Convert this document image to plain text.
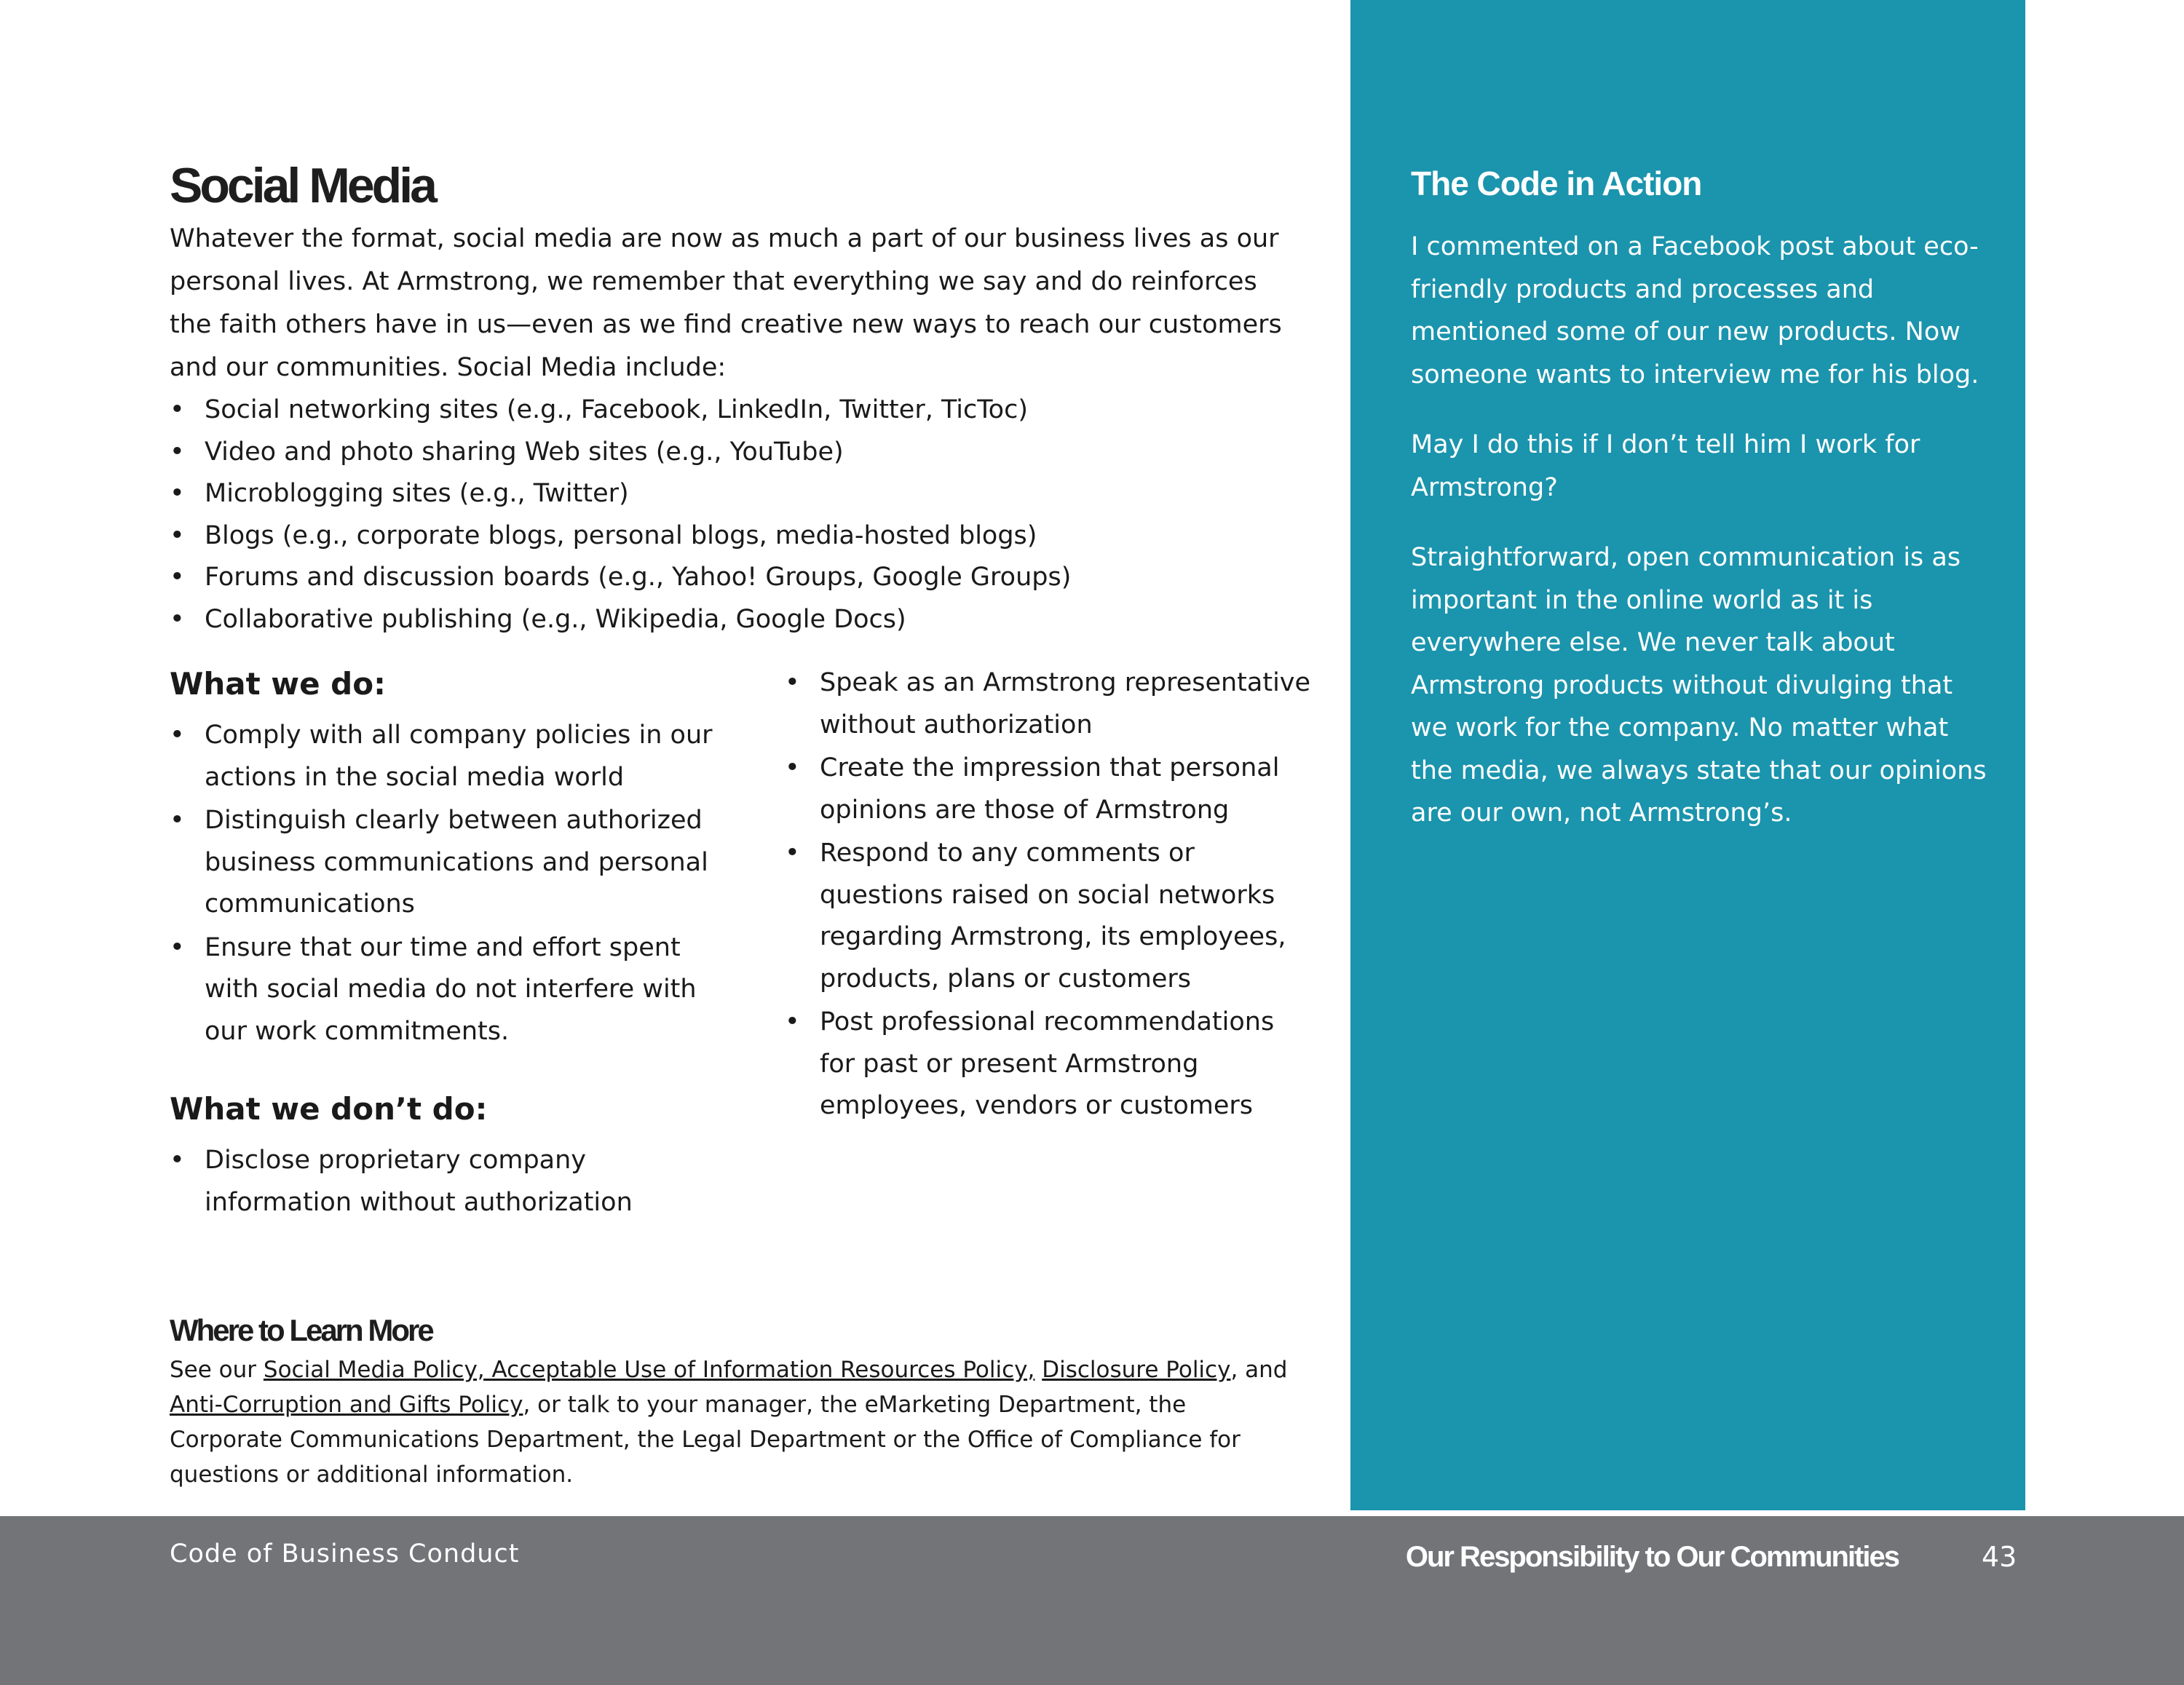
Social Media

Whatever the format, social media are now as much a part of our business lives as our personal lives. At Armstrong, we remember that everything we say and do reinforces the faith others have in us—even as we find creative new ways to reach our customers and our communities. Social Media include:

• Social networking sites (e.g., Facebook, LinkedIn, Twitter, TicToc)
• Video and photo sharing Web sites (e.g., YouTube)
• Microblogging sites (e.g., Twitter)
• Blogs (e.g., corporate blogs, personal blogs, media-hosted blogs)
• Forums and discussion boards (e.g., Yahoo! Groups, Google Groups)
• Collaborative publishing (e.g., Wikipedia, Google Docs)
What we do:
• Comply with all company policies in our actions in the social media world
• Distinguish clearly between authorized business communications and personal communications
• Ensure that our time and effort spent with social media do not interfere with our work commitments.
What we don’t do:
• Disclose proprietary company information without authorization
• Speak as an Armstrong representative without authorization
• Create the impression that personal opinions are those of Armstrong
• Respond to any comments or questions raised on social networks regarding Armstrong, its employees, products, plans or customers
• Post professional recommendations for past or present Armstrong employees, vendors or customers
Where to Learn More

See our Social Media Policy, Acceptable Use of Information Resources Policy, Disclosure Policy, and Anti-Corruption and Gifts Policy, or talk to your manager, the eMarketing Department, the Corporate Communications Department, the Legal Department or the Office of Compliance for questions or additional information.

The Code in Action

I commented on a Facebook post about eco-friendly products and processes and mentioned some of our new products. Now someone wants to interview me for his blog.

May I do this if I don’t tell him I work for Armstrong?

Straightforward, open communication is as important in the online world as it is everywhere else. We never talk about Armstrong products without divulging that we work for the company. No matter what the media, we always state that our opinions are our own, not Armstrong’s.

Code of Business Conduct	Our Responsibility to Our Communities	43
